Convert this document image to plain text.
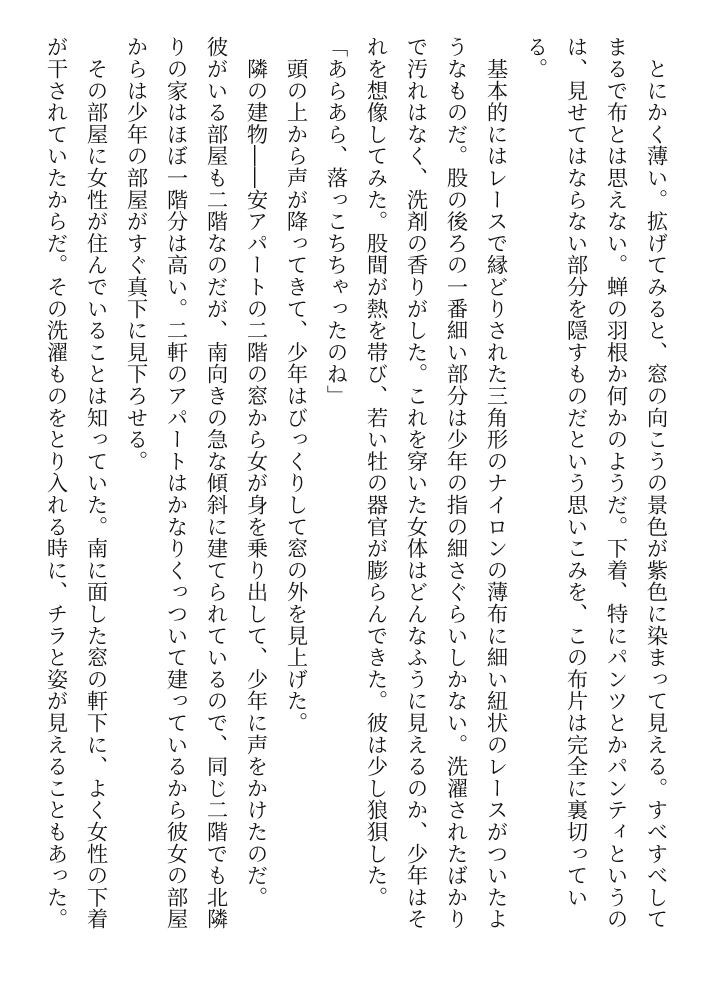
　とにかく薄い。拡げてみると、窓の向こうの景色が紫色に染まって見える。すべすべして
まるで布とは思えない。蝉の羽根か何かのようだ。下着、特にパンツとかパンティというの
は、見せてはならない部分を隠すものだという思いこみを、この布片は完全に裏切ってい
る。
　基本的にはレースで縁どりされた三角形のナイロンの薄布に細い紐状のレースがついたよ
うなものだ。股の後ろの一番細い部分は少年の指の細さぐらいしかない。洗濯されたばかり
で汚れはなく、洗剤の香りがした。これを穿いた女体はどんなふうに見えるのか、少年はそ
れを想像してみた。股間が熱を帯び、若い牡の器官が膨らんできた。彼は少し狼狽した。
「あらあら、落っこちちゃったのね」
　頭の上から声が降ってきて、少年はびっくりして窓の外を見上げた。
　隣の建物――安アパートの二階の窓から女が身を乗り出して、少年に声をかけたのだ。
彼がいる部屋も二階なのだが、南向きの急な傾斜に建てられているので、同じ二階でも北隣
りの家はほぼ一階分は高い。二軒のアパートはかなりくっついて建っているから彼女の部屋
からは少年の部屋がすぐ真下に見下ろせる。
　その部屋に女性が住んでいることは知っていた。南に面した窓の軒下に、よく女性の下着
が干されていたからだ。その洗濯ものをとり入れる時に、チラと姿が見えることもあった。
